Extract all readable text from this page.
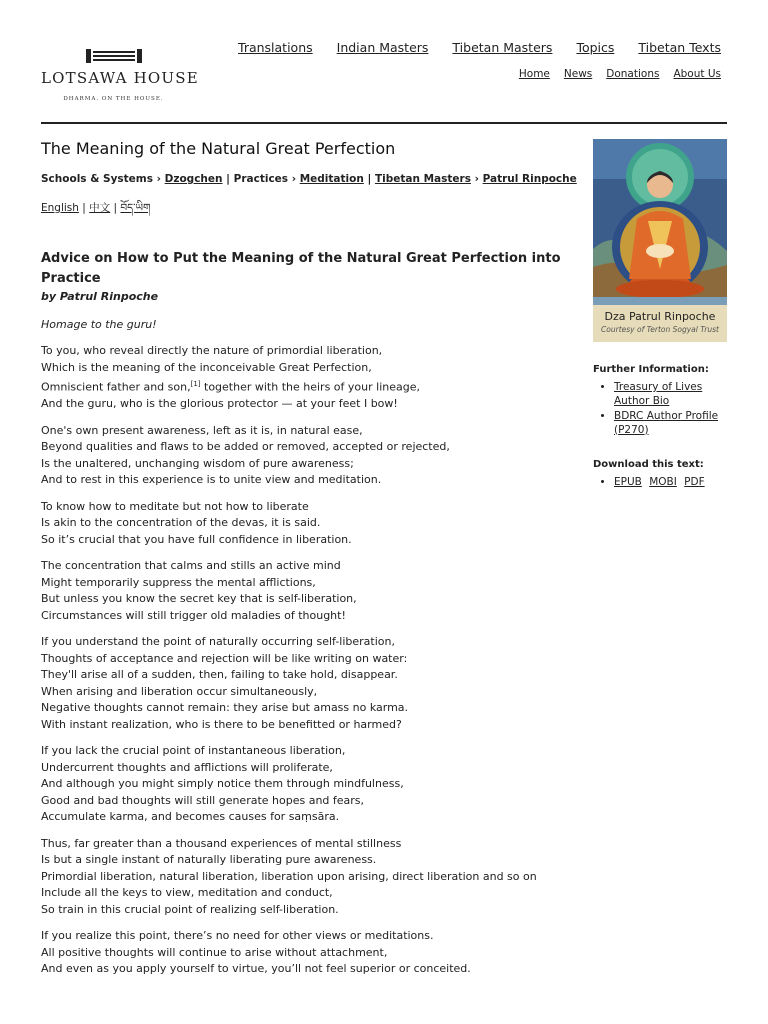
LOTSAWA HOUSE
DHARMA. ON THE HOUSE.
Translations Indian Masters Tibetan Masters Topics Tibetan Texts
Home News Donations About Us
The Meaning of the Natural Great Perfection
Schools & Systems › Dzogchen | Practices › Meditation | Tibetan Masters › Patrul Rinpoche
English | 中文 | བོད་ཡིག
Advice on How to Put the Meaning of the Natural Great Perfection into Practice
by Patrul Rinpoche
Homage to the guru!

To you, who reveal directly the nature of primordial liberation,
Which is the meaning of the inconceivable Great Perfection,
Omniscient father and son,[1] together with the heirs of your lineage,
And the guru, who is the glorious protector — at your feet I bow!

One's own present awareness, left as it is, in natural ease,
Beyond qualities and flaws to be added or removed, accepted or rejected,
Is the unaltered, unchanging wisdom of pure awareness;
And to rest in this experience is to unite view and meditation.

To know how to meditate but not how to liberate
Is akin to the concentration of the devas, it is said.
So it’s crucial that you have full confidence in liberation.

The concentration that calms and stills an active mind
Might temporarily suppress the mental afflictions,
But unless you know the secret key that is self-liberation,
Circumstances will still trigger old maladies of thought!

If you understand the point of naturally occurring self-liberation,
Thoughts of acceptance and rejection will be like writing on water:
They'll arise all of a sudden, then, failing to take hold, disappear.
When arising and liberation occur simultaneously,
Negative thoughts cannot remain: they arise but amass no karma.
With instant realization, who is there to be benefitted or harmed?

If you lack the crucial point of instantaneous liberation,
Undercurrent thoughts and afflictions will proliferate,
And although you might simply notice them through mindfulness,
Good and bad thoughts will still generate hopes and fears,
Accumulate karma, and becomes causes for saṃsāra.

Thus, far greater than a thousand experiences of mental stillness
Is but a single instant of naturally liberating pure awareness.
Primordial liberation, natural liberation, liberation upon arising, direct liberation and so on
Include all the keys to view, meditation and conduct,
So train in this crucial point of realizing self-liberation.

If you realize this point, there’s no need for other views or meditations.
All positive thoughts will continue to arise without attachment,
And even as you apply yourself to virtue, you’ll not feel superior or conceited.

Dza Patrul Rinpoche
Courtesy of Terton Sogyal Trust
Further Information:
• Treasury of Lives Author Bio
• BDRC Author Profile (P270)
Download this text:
• EPUB MOBI PDF
